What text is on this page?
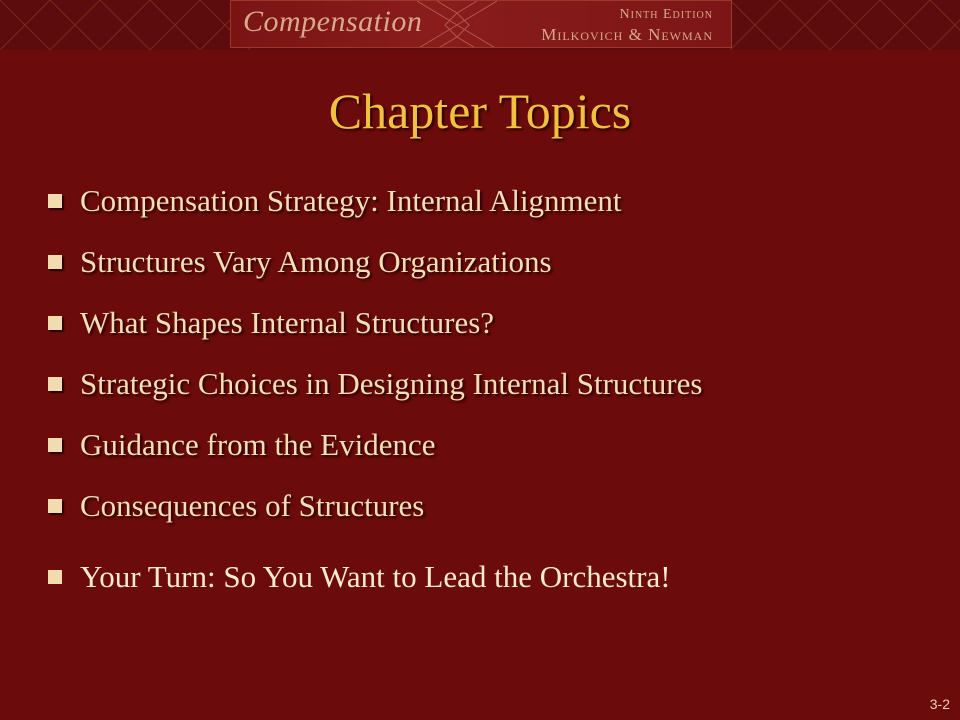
Compensation	Ninth Edition
Milkovich & Newman
Chapter Topics
Compensation Strategy: Internal Alignment
Structures Vary Among Organizations
What Shapes Internal Structures?
Strategic Choices in Designing Internal Structures
Guidance from the Evidence
Consequences of Structures
Your Turn: So You Want to Lead the Orchestra!
3-2
